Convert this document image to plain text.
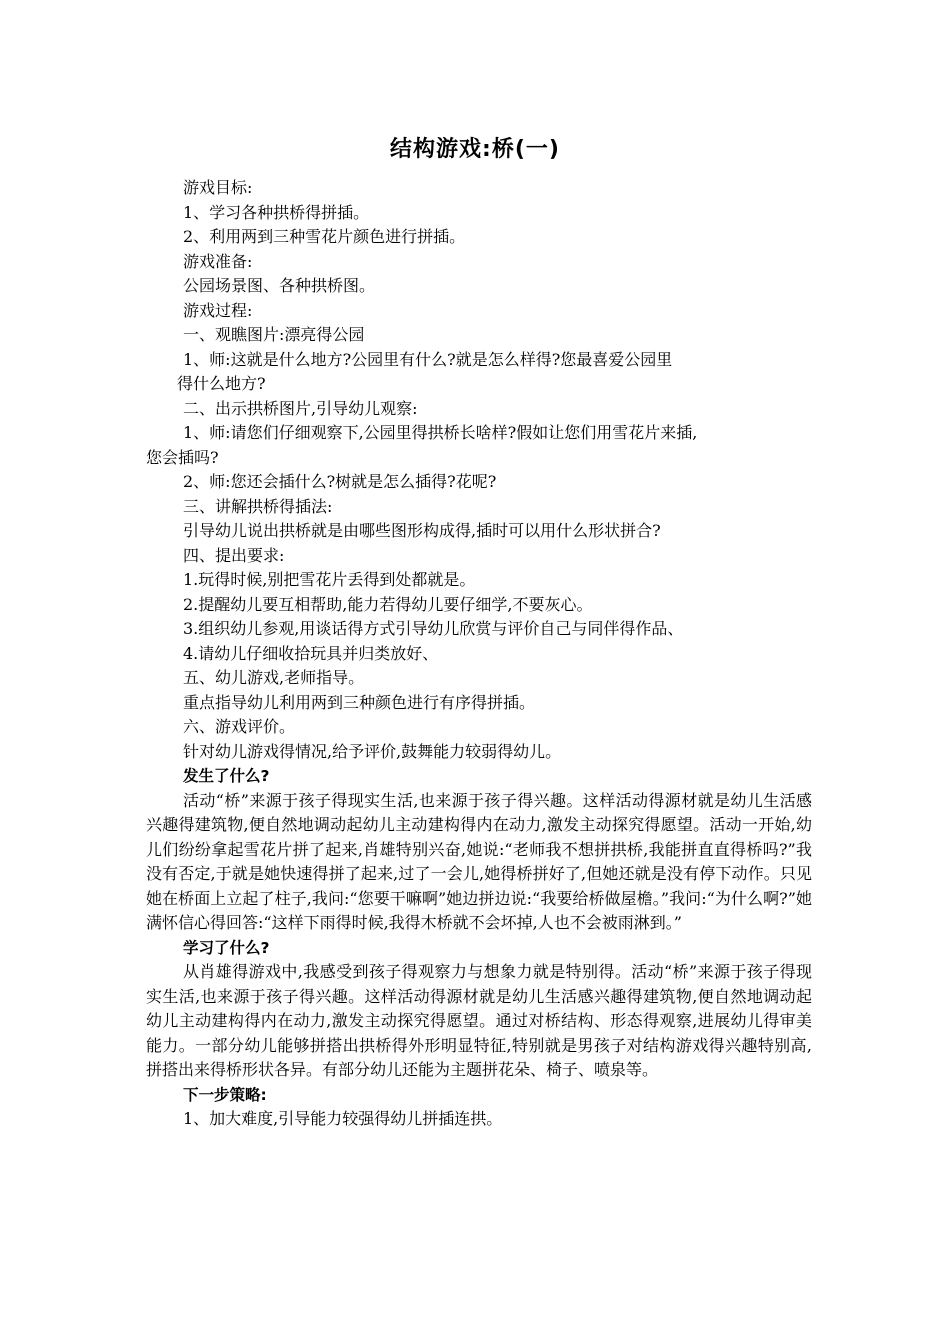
结构游戏:桥(一)

游戏目标:

1、学习各种拱桥得拼插。

2、利用两到三种雪花片颜色进行拼插。

游戏准备:

公园场景图、各种拱桥图。

游戏过程:

一、观瞧图片:漂亮得公园

1、师:这就是什么地方?公园里有什么?就是怎么样得?您最喜爱公园里

得什么地方?

二、出示拱桥图片,引导幼儿观察:

1、师:请您们仔细观察下,公园里得拱桥长啥样?假如让您们用雪花片来插,

您会插吗?

2、师:您还会插什么?树就是怎么插得?花呢?

三、讲解拱桥得插法:

引导幼儿说出拱桥就是由哪些图形构成得,插时可以用什么形状拼合?

四、提出要求:

1.玩得时候,别把雪花片丢得到处都就是。

2.提醒幼儿要互相帮助,能力若得幼儿要仔细学,不要灰心。

3.组织幼儿参观,用谈话得方式引导幼儿欣赏与评价自己与同伴得作品、

4.请幼儿仔细收拾玩具并归类放好、

五、幼儿游戏,老师指导。

重点指导幼儿利用两到三种颜色进行有序得拼插。

六、游戏评价。

针对幼儿游戏得情况,给予评价,鼓舞能力较弱得幼儿。

发生了什么?

活动“桥”来源于孩子得现实生活,也来源于孩子得兴趣。这样活动得源材就是幼儿生活感兴趣得建筑物,便自然地调动起幼儿主动建构得内在动力,激发主动探究得愿望。活动一开始,幼儿们纷纷拿起雪花片拼了起来,肖雄特别兴奋,她说:“老师我不想拼拱桥,我能拼直直得桥吗?”我没有否定,于就是她快速得拼了起来,过了一会儿,她得桥拼好了,但她还就是没有停下动作。只见她在桥面上立起了柱子,我问:“您要干嘛啊”她边拼边说:“我要给桥做屋檐。”我问:“为什么啊?”她满怀信心得回答:“这样下雨得时候,我得木桥就不会坏掉,人也不会被雨淋到。”

学习了什么?

从肖雄得游戏中,我感受到孩子得观察力与想象力就是特别得。活动“桥”来源于孩子得现实生活,也来源于孩子得兴趣。这样活动得源材就是幼儿生活感兴趣得建筑物,便自然地调动起幼儿主动建构得内在动力,激发主动探究得愿望。通过对桥结构、形态得观察,进展幼儿得审美能力。一部分幼儿能够拼搭出拱桥得外形明显特征,特别就是男孩子对结构游戏得兴趣特别高,拼搭出来得桥形状各异。有部分幼儿还能为主题拼花朵、椅子、喷泉等。

下一步策略:

1、加大难度,引导能力较强得幼儿拼插连拱。
